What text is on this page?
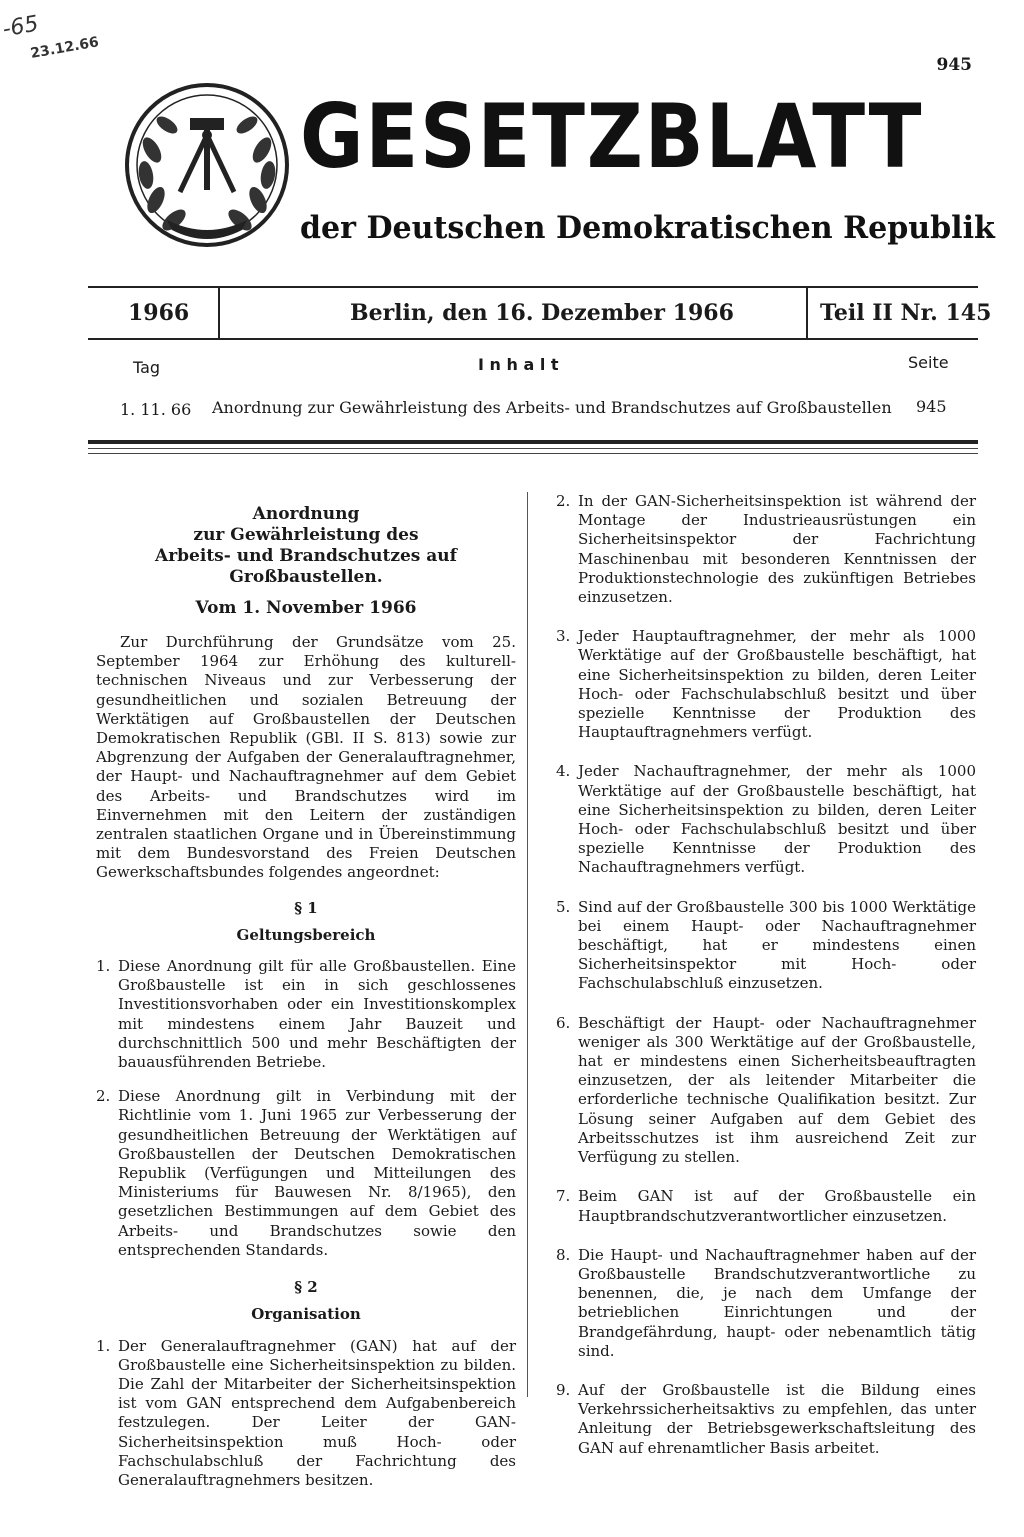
-65
23.12.66
945
GESETZBLATT
der Deutschen Demokratischen Republik
1966	Berlin, den 16. Dezember 1966	Teil II Nr. 145
Tag	I n h a l t	Seite
1. 11. 66 Anordnung zur Gewährleistung des Arbeits- und Brandschutzes auf Großbaustellen	945
Anordnung
zur Gewährleistung des
Arbeits- und Brandschutzes auf Großbaustellen.
Vom 1. November 1966
Zur Durchführung der Grundsätze vom 25. September 1964 zur Erhöhung des kulturell-technischen Niveaus und zur Verbesserung der gesundheitlichen und sozialen Betreuung der Werktätigen auf Großbaustellen der Deutschen Demokratischen Republik (GBl. II S. 813) sowie zur Abgrenzung der Aufgaben der Generalauftragnehmer, der Haupt- und Nachauftragnehmer auf dem Gebiet des Arbeits- und Brandschutzes wird im Einvernehmen mit den Leitern der zuständigen zentralen staatlichen Organe und in Übereinstimmung mit dem Bundesvorstand des Freien Deutschen Gewerkschaftsbundes folgendes angeordnet:
§ 1
Geltungsbereich
1. Diese Anordnung gilt für alle Großbaustellen. Eine Großbaustelle ist ein in sich geschlossenes Investitionsvorhaben oder ein Investitionskomplex mit mindestens einem Jahr Bauzeit und durchschnittlich 500 und mehr Beschäftigten der bauausführenden Betriebe.
2. Diese Anordnung gilt in Verbindung mit der Richtlinie vom 1. Juni 1965 zur Verbesserung der gesundheitlichen Betreuung der Werktätigen auf Großbaustellen der Deutschen Demokratischen Republik (Verfügungen und Mitteilungen des Ministeriums für Bauwesen Nr. 8/1965), den gesetzlichen Bestimmungen auf dem Gebiet des Arbeits- und Brandschutzes sowie den entsprechenden Standards.
§ 2
Organisation
1. Der Generalauftragnehmer (GAN) hat auf der Großbaustelle eine Sicherheitsinspektion zu bilden. Die Zahl der Mitarbeiter der Sicherheitsinspektion ist vom GAN entsprechend dem Aufgabenbereich festzulegen. Der Leiter der GAN-Sicherheitsinspektion muß Hoch- oder Fachschulabschluß der Fachrichtung des Generalauftragnehmers besitzen.
2. In der GAN-Sicherheitsinspektion ist während der Montage der Industrieausrüstungen ein Sicherheitsinspektor der Fachrichtung Maschinenbau mit besonderen Kenntnissen der Produktionstechnologie des zukünftigen Betriebes einzusetzen.
3. Jeder Hauptauftragnehmer, der mehr als 1000 Werktätige auf der Großbaustelle beschäftigt, hat eine Sicherheitsinspektion zu bilden, deren Leiter Hoch- oder Fachschulabschluß besitzt und über spezielle Kenntnisse der Produktion des Hauptauftragnehmers verfügt.
4. Jeder Nachauftragnehmer, der mehr als 1000 Werktätige auf der Großbaustelle beschäftigt, hat eine Sicherheitsinspektion zu bilden, deren Leiter Hoch- oder Fachschulabschluß besitzt und über spezielle Kenntnisse der Produktion des Nachauftragnehmers verfügt.
5. Sind auf der Großbaustelle 300 bis 1000 Werktätige bei einem Haupt- oder Nachauftragnehmer beschäftigt, hat er mindestens einen Sicherheitsinspektor mit Hoch- oder Fachschulabschluß einzusetzen.
6. Beschäftigt der Haupt- oder Nachauftragnehmer weniger als 300 Werktätige auf der Großbaustelle, hat er mindestens einen Sicherheitsbeauftragten einzusetzen, der als leitender Mitarbeiter die erforderliche technische Qualifikation besitzt. Zur Lösung seiner Aufgaben auf dem Gebiet des Arbeitsschutzes ist ihm ausreichend Zeit zur Verfügung zu stellen.
7. Beim GAN ist auf der Großbaustelle ein Hauptbrandschutzverantwortlicher einzusetzen.
8. Die Haupt- und Nachauftragnehmer haben auf der Großbaustelle Brandschutzverantwortliche zu benennen, die, je nach dem Umfange der betrieblichen Einrichtungen und der Brandgefährdung, haupt- oder nebenamtlich tätig sind.
9. Auf der Großbaustelle ist die Bildung eines Verkehrssicherheitsaktivs zu empfehlen, das unter Anleitung der Betriebsgewerkschaftsleitung des GAN auf ehrenamtlicher Basis arbeitet.
